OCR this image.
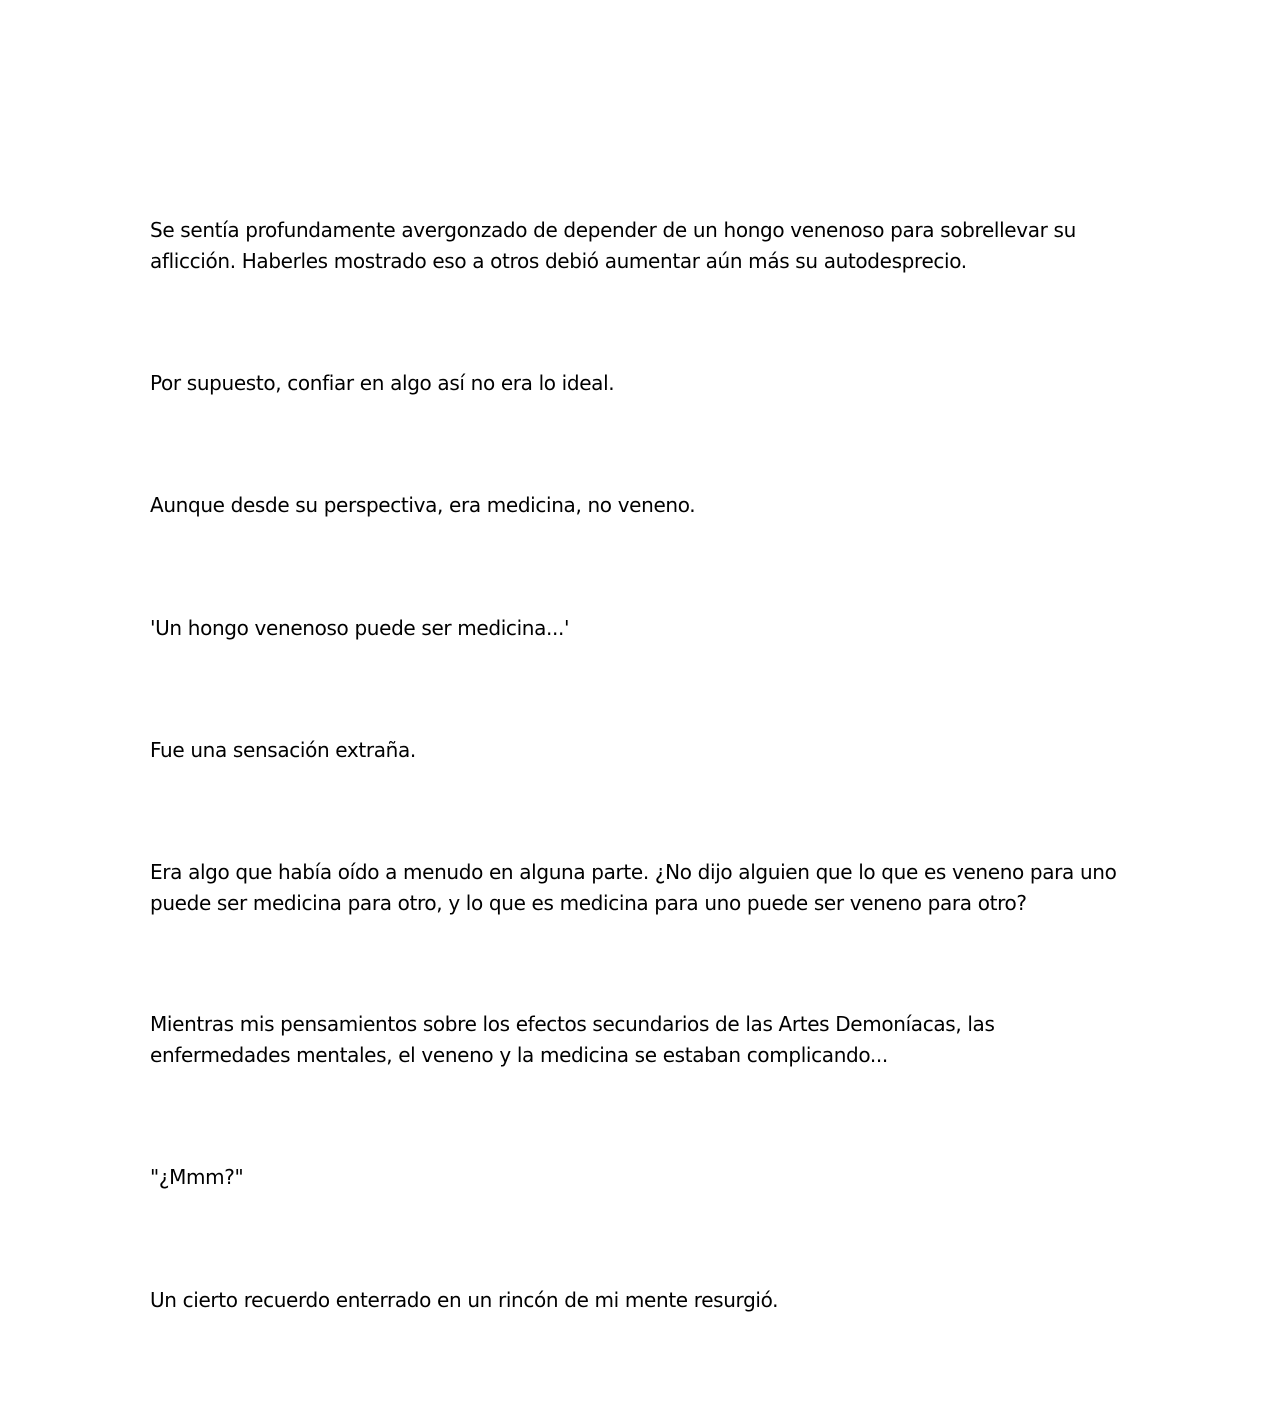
Se sentía profundamente avergonzado de depender de un hongo venenoso para sobrellevar su aflicción. Haberles mostrado eso a otros debió aumentar aún más su autodesprecio.

Por supuesto, confiar en algo así no era lo ideal.

Aunque desde su perspectiva, era medicina, no veneno.

'Un hongo venenoso puede ser medicina...'

Fue una sensación extraña.

Era algo que había oído a menudo en alguna parte. ¿No dijo alguien que lo que es veneno para uno puede ser medicina para otro, y lo que es medicina para uno puede ser veneno para otro?

Mientras mis pensamientos sobre los efectos secundarios de las Artes Demoníacas, las enfermedades mentales, el veneno y la medicina se estaban complicando...

"¿Mmm?"

Un cierto recuerdo enterrado en un rincón de mi mente resurgió.
